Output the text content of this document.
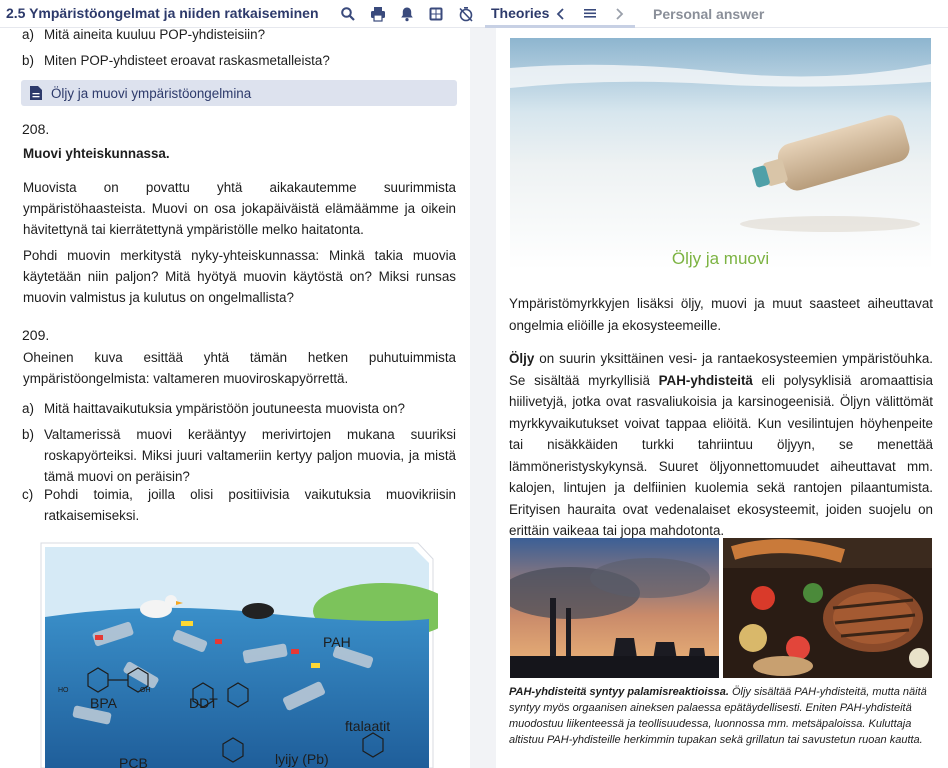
2.5 Ympäristöongelmat ja niiden ratkaiseminen	Theories	Personal answer
a) Mitä aineita kuuluu POP-yhdisteisiin?
b) Miten POP-yhdisteet eroavat raskasmetalleista?
Öljy ja muovi ympäristöongelmina
208.
Muovi yhteiskunnassa.
Muovista on povattu yhtä aikakautemme suurimmista ympäristöhaasteista. Muovi on osa jokapäiväistä elämäämme ja oikein hävitettynä tai kierrätettynä ympäristölle melko haitatonta.
Pohdi muovin merkitystä nyky-yhteiskunnassa: Minkä takia muovia käytetään niin paljon? Mitä hyötyä muovin käytöstä on? Miksi runsas muovin valmistus ja kulutus on ongelmallista?
209.
Oheinen kuva esittää yhtä tämän hetken puhutuimmista ympäristöongelmista: valtameren muoviroskapyörrettä.
a) Mitä haittavaikutuksia ympäristöön joutuneesta muovista on?
b) Valtamerissä muovi kerääntyy merivirtojen mukana suuriksi roskapyörteiksi. Miksi juuri valtameriin kertyy paljon muovia, ja mistä tämä muovi on peräisin?
c) Pohdi toimia, joilla olisi positiivisia vaikutuksia muovikriisin ratkaisemiseksi.
PAH
HO	OH
BPA	DDT
ftalaatit
lyijy (Pb)
PCB
Öljy ja muovi
Ympäristömyrkkyjen lisäksi öljy, muovi ja muut saasteet aiheuttavat ongelmia eliöille ja ekosysteemeille.
Öljy on suurin yksittäinen vesi- ja rantaekosysteemien ympäristöuhka. Se sisältää myrkyllisiä PAH-yhdisteitä eli polysyklisiä aromaattisia hiilivetyjä, jotka ovat rasvaliukoisia ja karsinogeenisiä. Öljyn välittömät myrkkyvaikutukset voivat tappaa eliöitä. Kun vesilintujen höyhenpeite tai nisäkkäiden turkki tahriintuu öljyyn, se menettää lämmöneristyskykynsä. Suuret öljyonnettomuudet aiheuttavat mm. kalojen, lintujen ja delfiinien kuolemia sekä rantojen pilaantumista. Erityisen hauraita ovat vedenalaiset ekosysteemit, joiden suojelu on erittäin vaikeaa tai jopa mahdotonta.
PAH-yhdisteitä syntyy palamisreaktioissa. Öljy sisältää PAH-yhdisteitä, mutta näitä syntyy myös orgaanisen aineksen palaessa epätäydellisesti. Eniten PAH-yhdisteitä muodostuu liikenteessä ja teollisuudessa, luonnossa mm. metsäpaloissa. Kuluttaja altistuu PAH-yhdisteille herkimmin tupakan sekä grillatun tai savustetun ruoan kautta.
